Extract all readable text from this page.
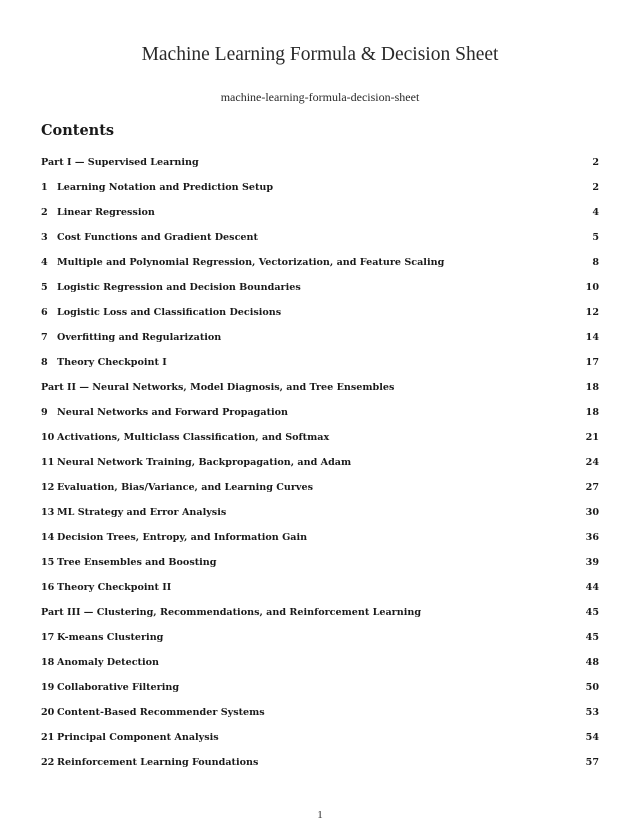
Machine Learning Formula & Decision Sheet
machine-learning-formula-decision-sheet
Contents
Part I — Supervised Learning	2
1 Learning Notation and Prediction Setup	2
2 Linear Regression	4
3 Cost Functions and Gradient Descent	5
4 Multiple and Polynomial Regression, Vectorization, and Feature Scaling	8
5 Logistic Regression and Decision Boundaries	10
6 Logistic Loss and Classification Decisions	12
7 Overfitting and Regularization	14
8 Theory Checkpoint I	17
Part II — Neural Networks, Model Diagnosis, and Tree Ensembles	18
9 Neural Networks and Forward Propagation	18
10 Activations, Multiclass Classification, and Softmax	21
11 Neural Network Training, Backpropagation, and Adam	24
12 Evaluation, Bias/Variance, and Learning Curves	27
13 ML Strategy and Error Analysis	30
14 Decision Trees, Entropy, and Information Gain	36
15 Tree Ensembles and Boosting	39
16 Theory Checkpoint II	44
Part III — Clustering, Recommendations, and Reinforcement Learning	45
17 K-means Clustering	45
18 Anomaly Detection	48
19 Collaborative Filtering	50
20 Content-Based Recommender Systems	53
21 Principal Component Analysis	54
22 Reinforcement Learning Foundations	57
1
